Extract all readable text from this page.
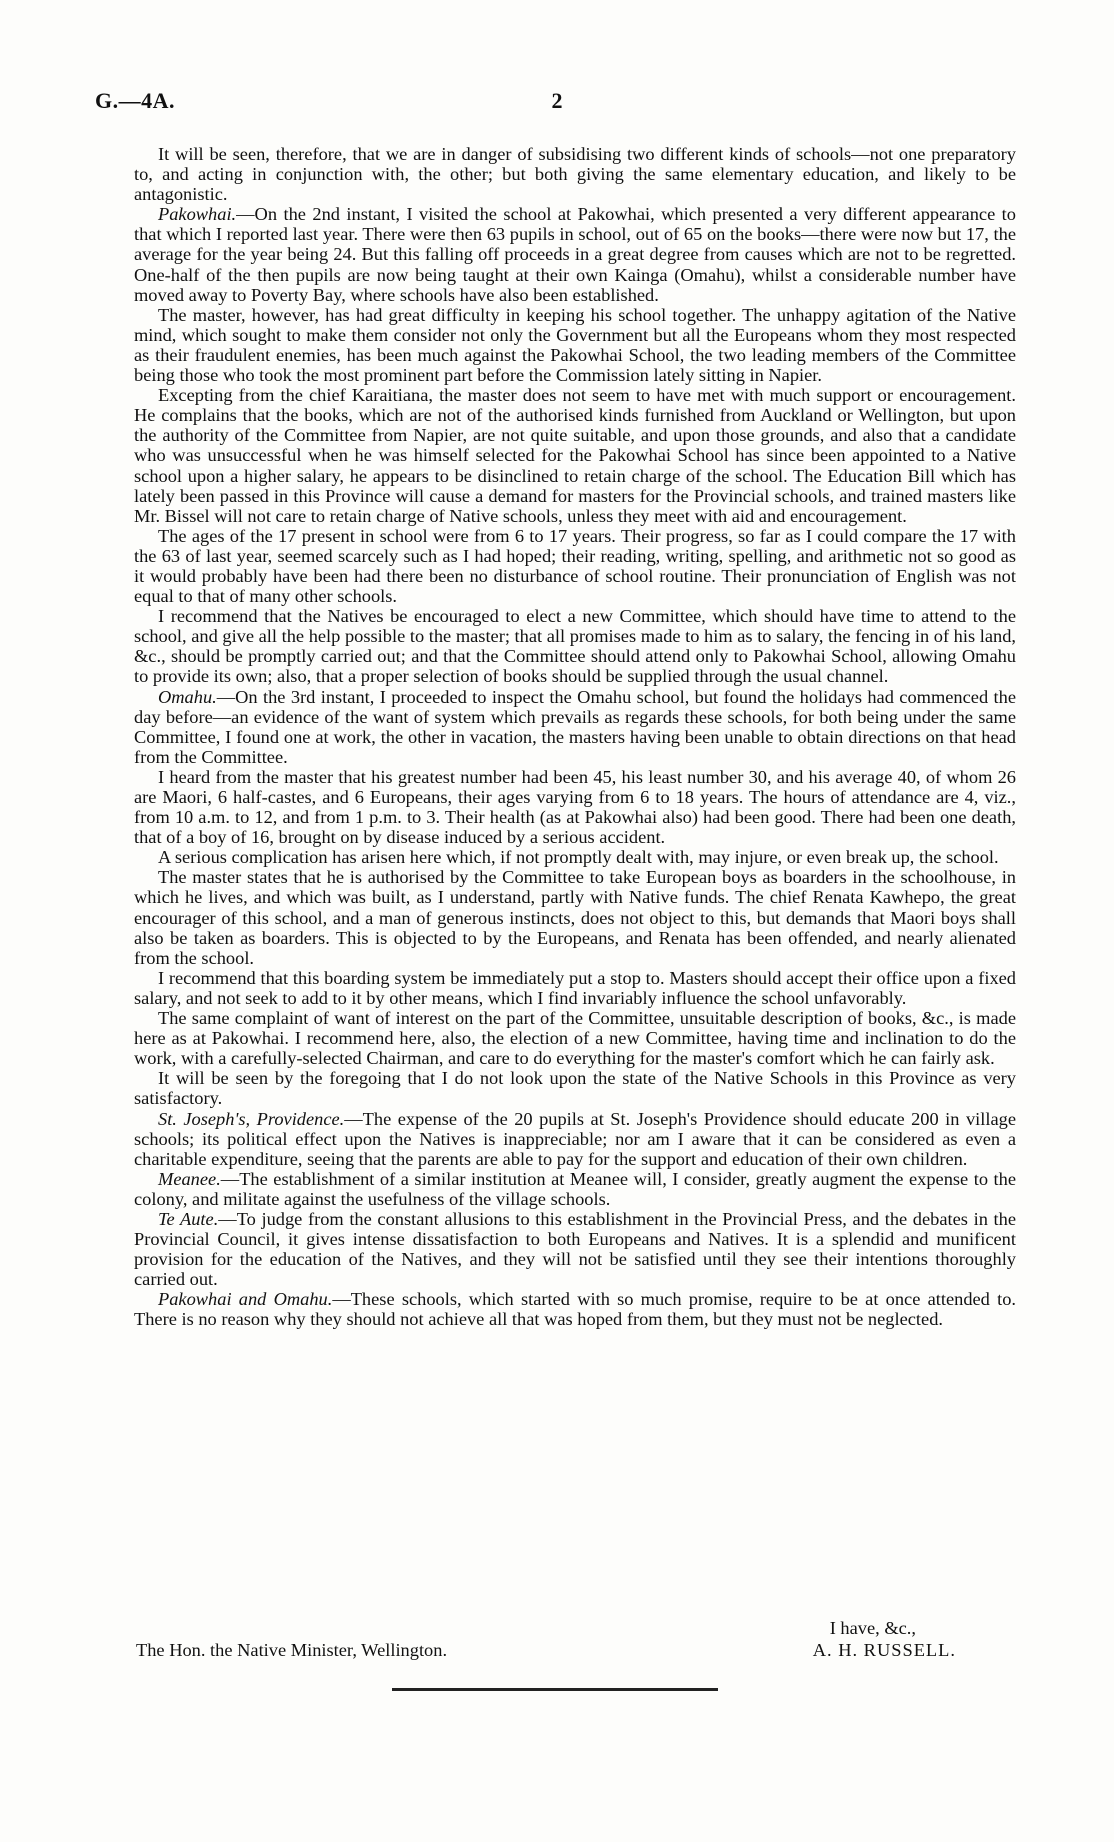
G.—4A.	2

It will be seen, therefore, that we are in danger of subsidising two different kinds of schools—not one preparatory to, and acting in conjunction with, the other; but both giving the same elementary education, and likely to be antagonistic.

Pakowhai.—On the 2nd instant, I visited the school at Pakowhai, which presented a very different appearance to that which I reported last year. There were then 63 pupils in school, out of 65 on the books—there were now but 17, the average for the year being 24. But this falling off proceeds in a great degree from causes which are not to be regretted. One-half of the then pupils are now being taught at their own Kainga (Omahu), whilst a considerable number have moved away to Poverty Bay, where schools have also been established.

The master, however, has had great difficulty in keeping his school together. The unhappy agitation of the Native mind, which sought to make them consider not only the Government but all the Europeans whom they most respected as their fraudulent enemies, has been much against the Pakowhai School, the two leading members of the Committee being those who took the most prominent part before the Commission lately sitting in Napier.

Excepting from the chief Karaitiana, the master does not seem to have met with much support or encouragement. He complains that the books, which are not of the authorised kinds furnished from Auckland or Wellington, but upon the authority of the Committee from Napier, are not quite suitable, and upon those grounds, and also that a candidate who was unsuccessful when he was himself selected for the Pakowhai School has since been appointed to a Native school upon a higher salary, he appears to be disinclined to retain charge of the school. The Education Bill which has lately been passed in this Province will cause a demand for masters for the Provincial schools, and trained masters like Mr. Bissel will not care to retain charge of Native schools, unless they meet with aid and encouragement.

The ages of the 17 present in school were from 6 to 17 years. Their progress, so far as I could compare the 17 with the 63 of last year, seemed scarcely such as I had hoped; their reading, writing, spelling, and arithmetic not so good as it would probably have been had there been no disturbance of school routine. Their pronunciation of English was not equal to that of many other schools.

I recommend that the Natives be encouraged to elect a new Committee, which should have time to attend to the school, and give all the help possible to the master; that all promises made to him as to salary, the fencing in of his land, &c., should be promptly carried out; and that the Committee should attend only to Pakowhai School, allowing Omahu to provide its own; also, that a proper selection of books should be supplied through the usual channel.

Omahu.—On the 3rd instant, I proceeded to inspect the Omahu school, but found the holidays had commenced the day before—an evidence of the want of system which prevails as regards these schools, for both being under the same Committee, I found one at work, the other in vacation, the masters having been unable to obtain directions on that head from the Committee.

I heard from the master that his greatest number had been 45, his least number 30, and his average 40, of whom 26 are Maori, 6 half-castes, and 6 Europeans, their ages varying from 6 to 18 years. The hours of attendance are 4, viz., from 10 a.m. to 12, and from 1 p.m. to 3. Their health (as at Pakowhai also) had been good. There had been one death, that of a boy of 16, brought on by disease induced by a serious accident.

A serious complication has arisen here which, if not promptly dealt with, may injure, or even break up, the school.

The master states that he is authorised by the Committee to take European boys as boarders in the schoolhouse, in which he lives, and which was built, as I understand, partly with Native funds. The chief Renata Kawhepo, the great encourager of this school, and a man of generous instincts, does not object to this, but demands that Maori boys shall also be taken as boarders. This is objected to by the Europeans, and Renata has been offended, and nearly alienated from the school.

I recommend that this boarding system be immediately put a stop to. Masters should accept their office upon a fixed salary, and not seek to add to it by other means, which I find invariably influence the school unfavorably.

The same complaint of want of interest on the part of the Committee, unsuitable description of books, &c., is made here as at Pakowhai. I recommend here, also, the election of a new Committee, having time and inclination to do the work, with a carefully-selected Chairman, and care to do everything for the master's comfort which he can fairly ask.

It will be seen by the foregoing that I do not look upon the state of the Native Schools in this Province as very satisfactory.

St. Joseph's, Providence.—The expense of the 20 pupils at St. Joseph's Providence should educate 200 in village schools; its political effect upon the Natives is inappreciable; nor am I aware that it can be considered as even a charitable expenditure, seeing that the parents are able to pay for the support and education of their own children.

Meanee.—The establishment of a similar institution at Meanee will, I consider, greatly augment the expense to the colony, and militate against the usefulness of the village schools.

Te Aute.—To judge from the constant allusions to this establishment in the Provincial Press, and the debates in the Provincial Council, it gives intense dissatisfaction to both Europeans and Natives. It is a splendid and munificent provision for the education of the Natives, and they will not be satisfied until they see their intentions thoroughly carried out.

Pakowhai and Omahu.—These schools, which started with so much promise, require to be at once attended to. There is no reason why they should not achieve all that was hoped from them, but they must not be neglected.

I have, &c.,
The Hon. the Native Minister, Wellington.	A. H. RUSSELL.
